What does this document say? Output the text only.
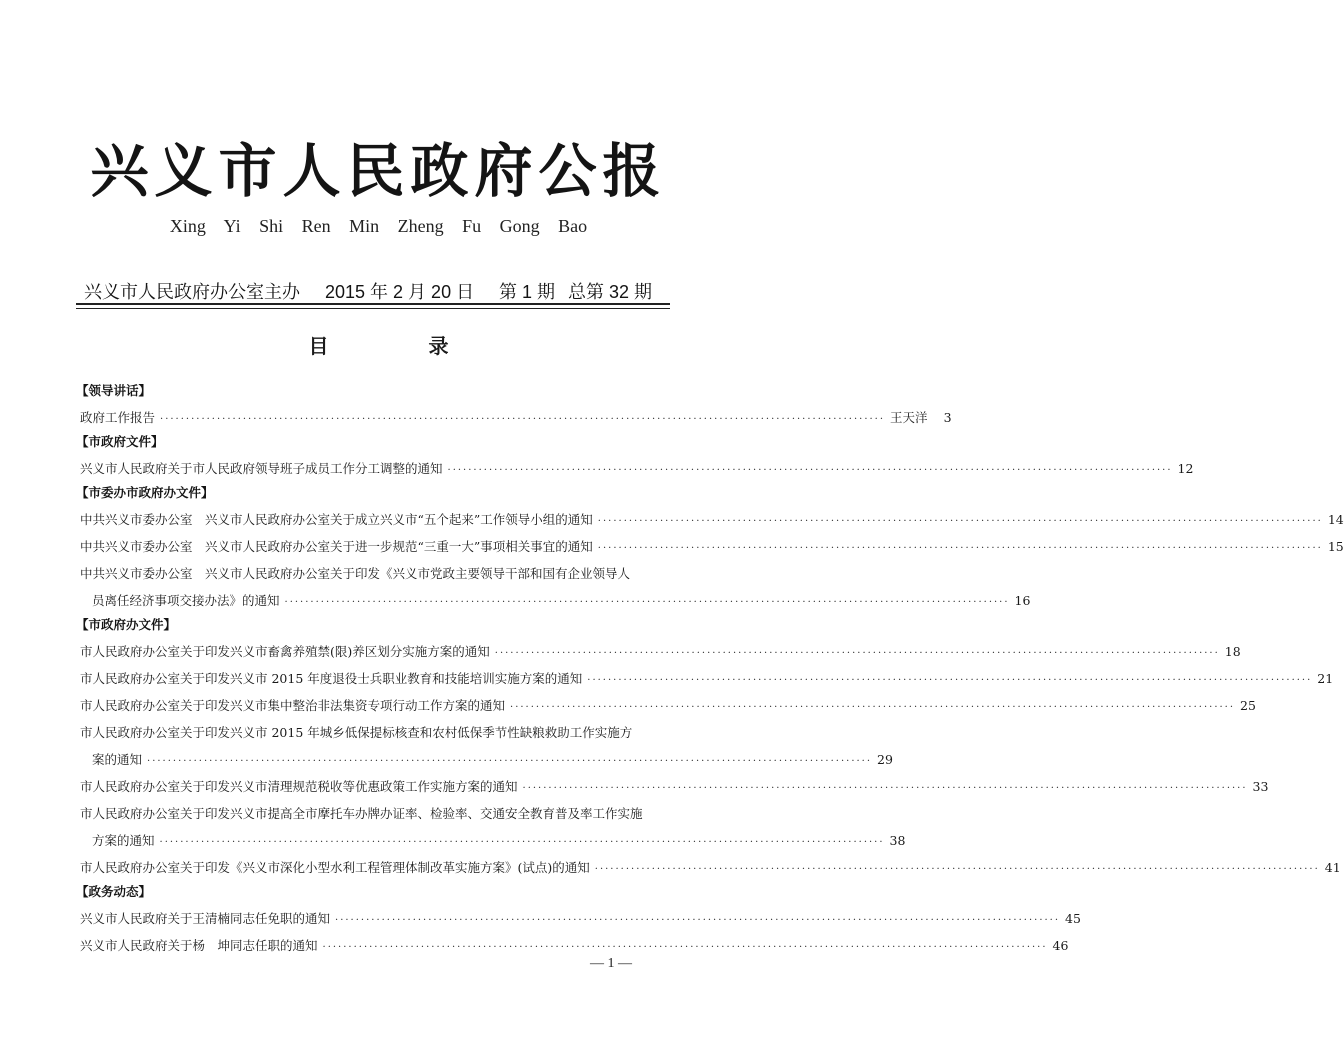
兴义市人民政府公报
Xing Yi Shi Ren Min Zheng Fu Gong Bao
兴义市人民政府办公室主办 2015 年 2 月 20 日 第 1 期 总第 32 期
目　录
【领导讲话】
政府工作报告 ············································································································································ 王天洋	3
【市政府文件】
兴义市人民政府关于市人民政府领导班子成员工作分工调整的通知 ············································································································································ 12
【市委办市政府办文件】
中共兴义市委办公室　兴义市人民政府办公室关于成立兴义市“五个起来”工作领导小组的通知 ············································································································································ 14
中共兴义市委办公室　兴义市人民政府办公室关于进一步规范“三重一大”事项相关事宜的通知 ············································································································································ 15
中共兴义市委办公室　兴义市人民政府办公室关于印发《兴义市党政主要领导干部和国有企业领导人
员离任经济事项交接办法》的通知 ············································································································································ 16
【市政府办文件】
市人民政府办公室关于印发兴义市畜禽养殖禁(限)养区划分实施方案的通知 ············································································································································ 18
市人民政府办公室关于印发兴义市 2015 年度退役士兵职业教育和技能培训实施方案的通知 ············································································································································ 21
市人民政府办公室关于印发兴义市集中整治非法集资专项行动工作方案的通知 ············································································································································ 25
市人民政府办公室关于印发兴义市 2015 年城乡低保提标核查和农村低保季节性缺粮救助工作实施方
案的通知 ············································································································································ 29
市人民政府办公室关于印发兴义市清理规范税收等优惠政策工作实施方案的通知 ············································································································································ 33
市人民政府办公室关于印发兴义市提高全市摩托车办牌办证率、检验率、交通安全教育普及率工作实施
方案的通知 ············································································································································ 38
市人民政府办公室关于印发《兴义市深化小型水利工程管理体制改革实施方案》(试点)的通知 ············································································································································ 41
【政务动态】
兴义市人民政府关于王清楠同志任免职的通知 ············································································································································ 45
兴义市人民政府关于杨　坤同志任职的通知 ············································································································································ 46
— 1 —
